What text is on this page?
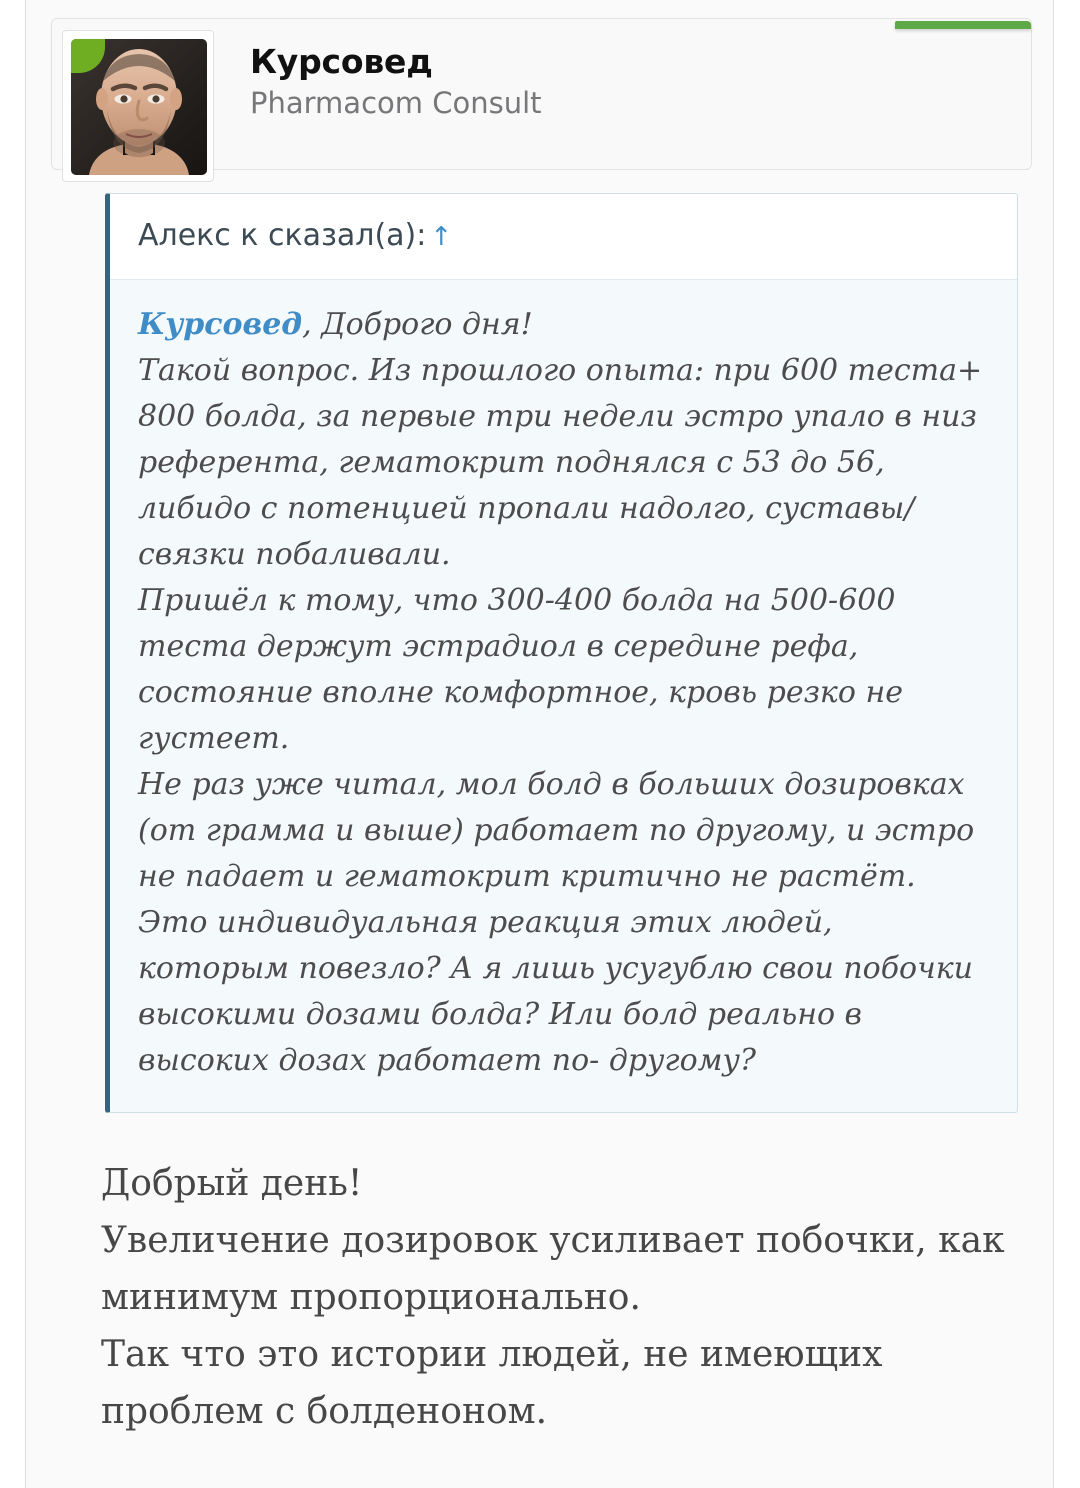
Курсовед
Pharmacom Consult
Алекс к сказал(а): ↑

Курсовед, Доброго дня!

Такой вопрос. Из прошлого опыта: при 600 теста+ 800 болда, за первые три недели эстро упало в низ референта, гематокрит поднялся с 53 до 56, либидо с потенцией пропали надолго, суставы/ связки побаливали.

Пришёл к тому, что 300-400 болда на 500-600 теста держут эстрадиол в середине рефа, состояние вполне комфортное, кровь резко не густеет.

Не раз уже читал, мол болд в больших дозировках (от грамма и выше) работает по другому, и эстро не падает и гематокрит критично не растёт. Это индивидуальная реакция этих людей, которым повезло? А я лишь усугублю свои побочки высокими дозами болда? Или болд реально в высоких дозах работает по- другому?

Добрый день!

Увеличение дозировок усиливает побочки, как минимум пропорционально.

Так что это истории людей, не имеющих проблем с болденоном.
